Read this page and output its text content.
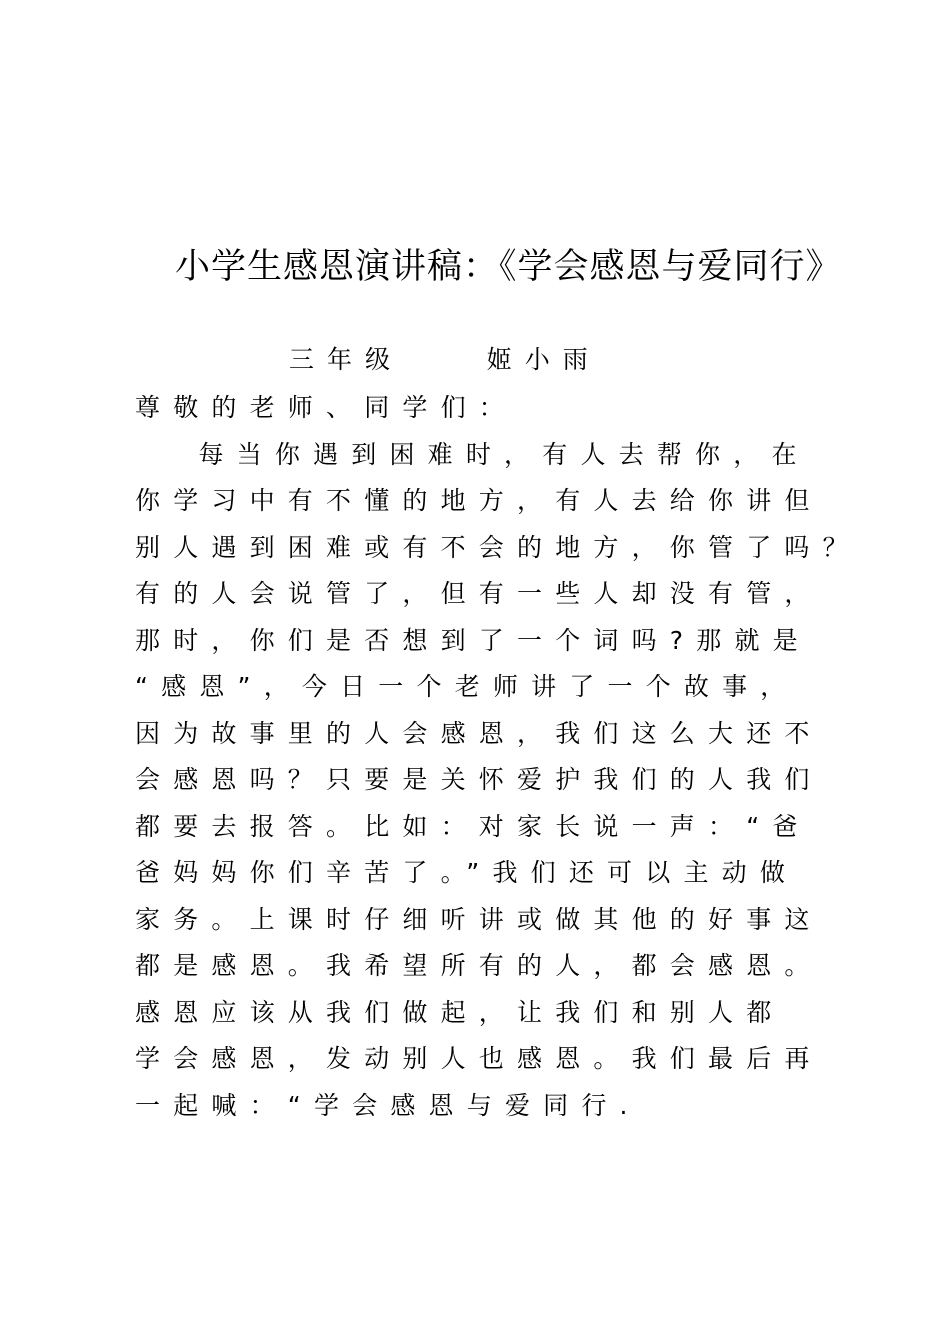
小学生感恩演讲稿：《学会感恩与爱同行》
三年级    姬小雨
尊敬的老师、同学们：
每当你遇到困难时，有人去帮你，在
你学习中有不懂的地方，有人去给你讲但
别人遇到困难或有不会的地方，你管了吗？
有的人会说管了，但有一些人却没有管，
那时，你们是否想到了一个词吗?那就是
“感恩”，今日一个老师讲了一个故事，
因为故事里的人会感恩，我们这么大还不
会感恩吗？只要是关怀爱护我们的人我们
都要去报答。比如：对家长说一声：“爸
爸妈妈你们辛苦了。”我们还可以主动做
家务。上课时仔细听讲或做其他的好事这
都是感恩。我希望所有的人，都会感恩。
感恩应该从我们做起，让我们和别人都
学会感恩，发动别人也感恩。我们最后再
一起喊：“学会感恩与爱同行.
